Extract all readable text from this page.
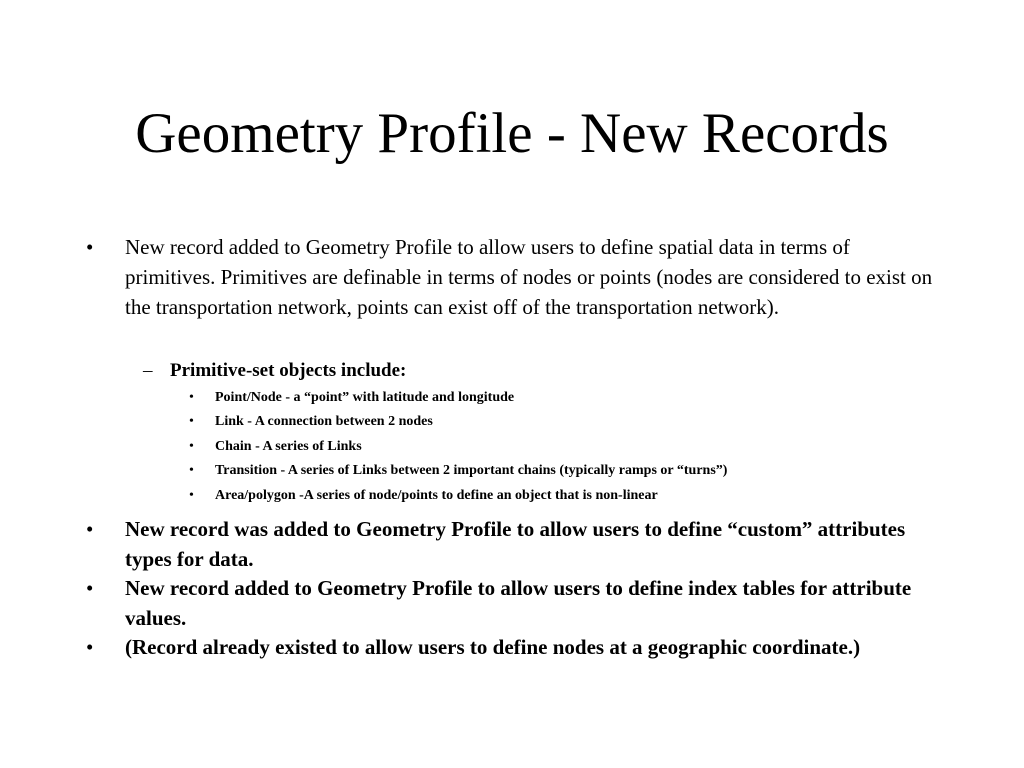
Geometry Profile - New Records
• New record added to Geometry Profile to allow users to define spatial data in terms of primitives. Primitives are definable in terms of nodes or points (nodes are considered to exist on the transportation network, points can exist off of the transportation network).
– Primitive-set objects include:
• Point/Node - a “point” with latitude and longitude
• Link - A connection between 2 nodes
• Chain - A series of Links
• Transition - A series of Links between 2 important chains (typically ramps or “turns”)
• Area/polygon -A series of node/points to define an object that is non-linear
• New record was added to Geometry Profile to allow users to define “custom” attributes types for data.
• New record added to Geometry Profile to allow users to define index tables for attribute values.
• (Record already existed to allow users to define nodes at a geographic coordinate.)
